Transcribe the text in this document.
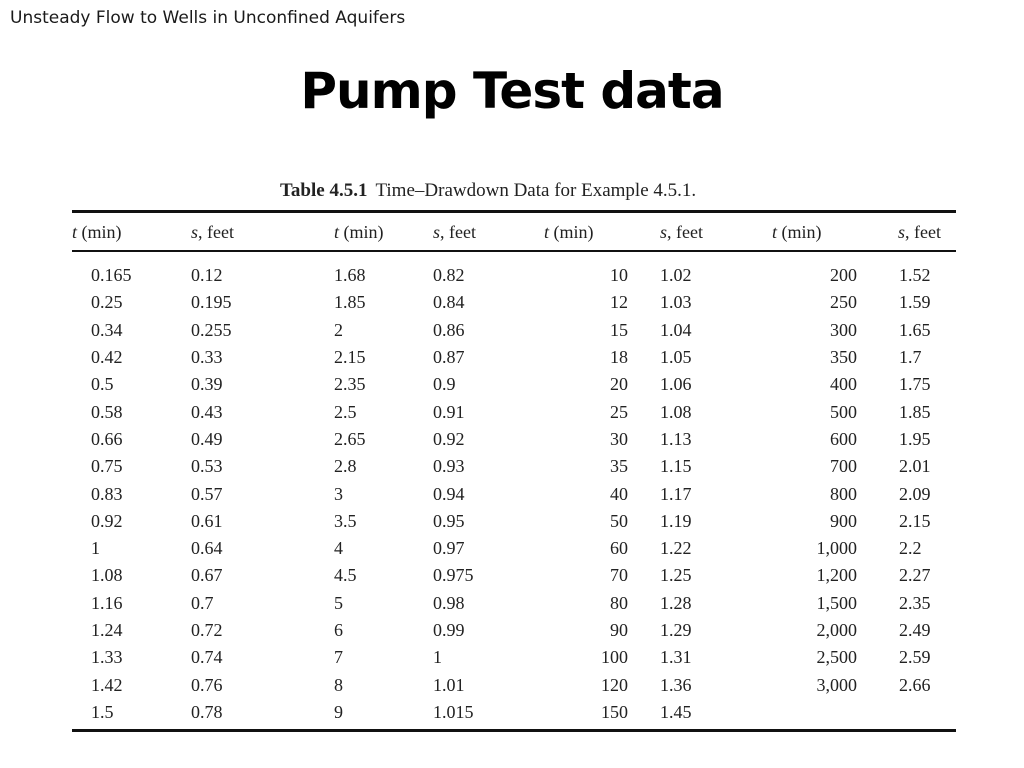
Unsteady Flow to Wells in Unconfined Aquifers
Pump Test data
Table 4.5.1 Time–Drawdown Data for Example 4.5.1.
t (min)	s, feet	t (min)	s, feet	t (min)	s, feet	t (min)	s, feet
0.165	0.12	1.68	0.82	10	1.02	200	1.52
0.25	0.195	1.85	0.84	12	1.03	250	1.59
0.34	0.255	2	0.86	15	1.04	300	1.65
0.42	0.33	2.15	0.87	18	1.05	350	1.7
0.5	0.39	2.35	0.9	20	1.06	400	1.75
0.58	0.43	2.5	0.91	25	1.08	500	1.85
0.66	0.49	2.65	0.92	30	1.13	600	1.95
0.75	0.53	2.8	0.93	35	1.15	700	2.01
0.83	0.57	3	0.94	40	1.17	800	2.09
0.92	0.61	3.5	0.95	50	1.19	900	2.15
1	0.64	4	0.97	60	1.22	1,000	2.2
1.08	0.67	4.5	0.975	70	1.25	1,200	2.27
1.16	0.7	5	0.98	80	1.28	1,500	2.35
1.24	0.72	6	0.99	90	1.29	2,000	2.49
1.33	0.74	7	1	100	1.31	2,500	2.59
1.42	0.76	8	1.01	120	1.36	3,000	2.66
1.5	0.78	9	1.015	150	1.45		
